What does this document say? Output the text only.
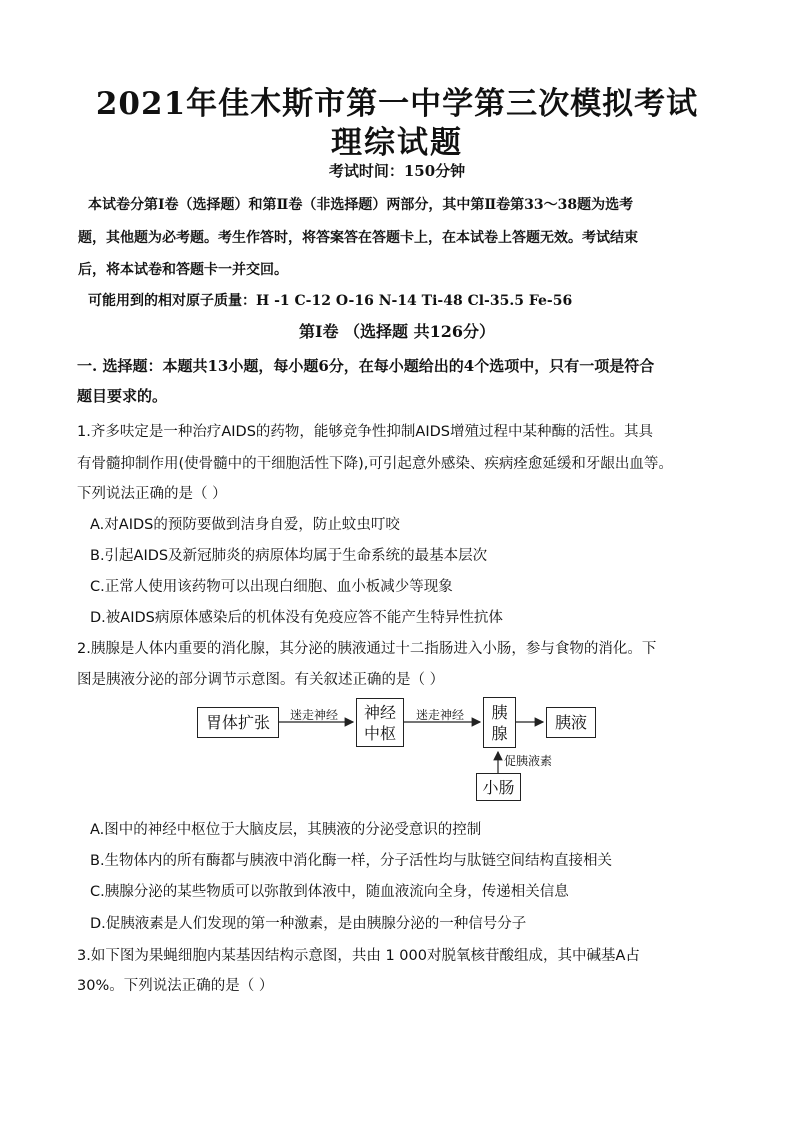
2021年佳木斯市第一中学第三次模拟考试
理综试题
考试时间：150分钟
本试卷分第Ⅰ卷（选择题）和第Ⅱ卷（非选择题）两部分，其中第Ⅱ卷第33～38题为选考
题，其他题为必考题。考生作答时，将答案答在答题卡上，在本试卷上答题无效。考试结束
后，将本试卷和答题卡一并交回。
可能用到的相对原子质量：H -1 C-12 O-16 N-14 Ti-48 Cl-35.5 Fe-56
第Ⅰ卷 （选择题 共126分）
一. 选择题：本题共13小题，每小题6分，在每小题给出的4个选项中，只有一项是符合
题目要求的。
1.齐多呋定是一种治疗AIDS的药物，能够竞争性抑制AIDS增殖过程中某种酶的活性。其具
有骨髓抑制作用(使骨髓中的干细胞活性下降),可引起意外感染、疾病痊愈延缓和牙龈出血等。
下列说法正确的是（ ）
A.对AIDS的预防要做到洁身自爱，防止蚊虫叮咬
B.引起AIDS及新冠肺炎的病原体均属于生命系统的最基本层次
C.正常人使用该药物可以出现白细胞、血小板减少等现象
D.被AIDS病原体感染后的机体没有免疫应答不能产生特异性抗体
2.胰腺是人体内重要的消化腺，其分泌的胰液通过十二指肠进入小肠，参与食物的消化。下
图是胰液分泌的部分调节示意图。有关叙述正确的是（ ）
胃体扩张
神经
中枢
胰
腺
胰液
小肠
迷走神经	迷走神经
促胰液素
A.图中的神经中枢位于大脑皮层，其胰液的分泌受意识的控制
B.生物体内的所有酶都与胰液中消化酶一样，分子活性均与肽链空间结构直接相关
C.胰腺分泌的某些物质可以弥散到体液中，随血液流向全身，传递相关信息
D.促胰液素是人们发现的第一种激素，是由胰腺分泌的一种信号分子
3.如下图为果蝇细胞内某基因结构示意图，共由 1 000对脱氧核苷酸组成，其中碱基A占
30%。下列说法正确的是（ ）
